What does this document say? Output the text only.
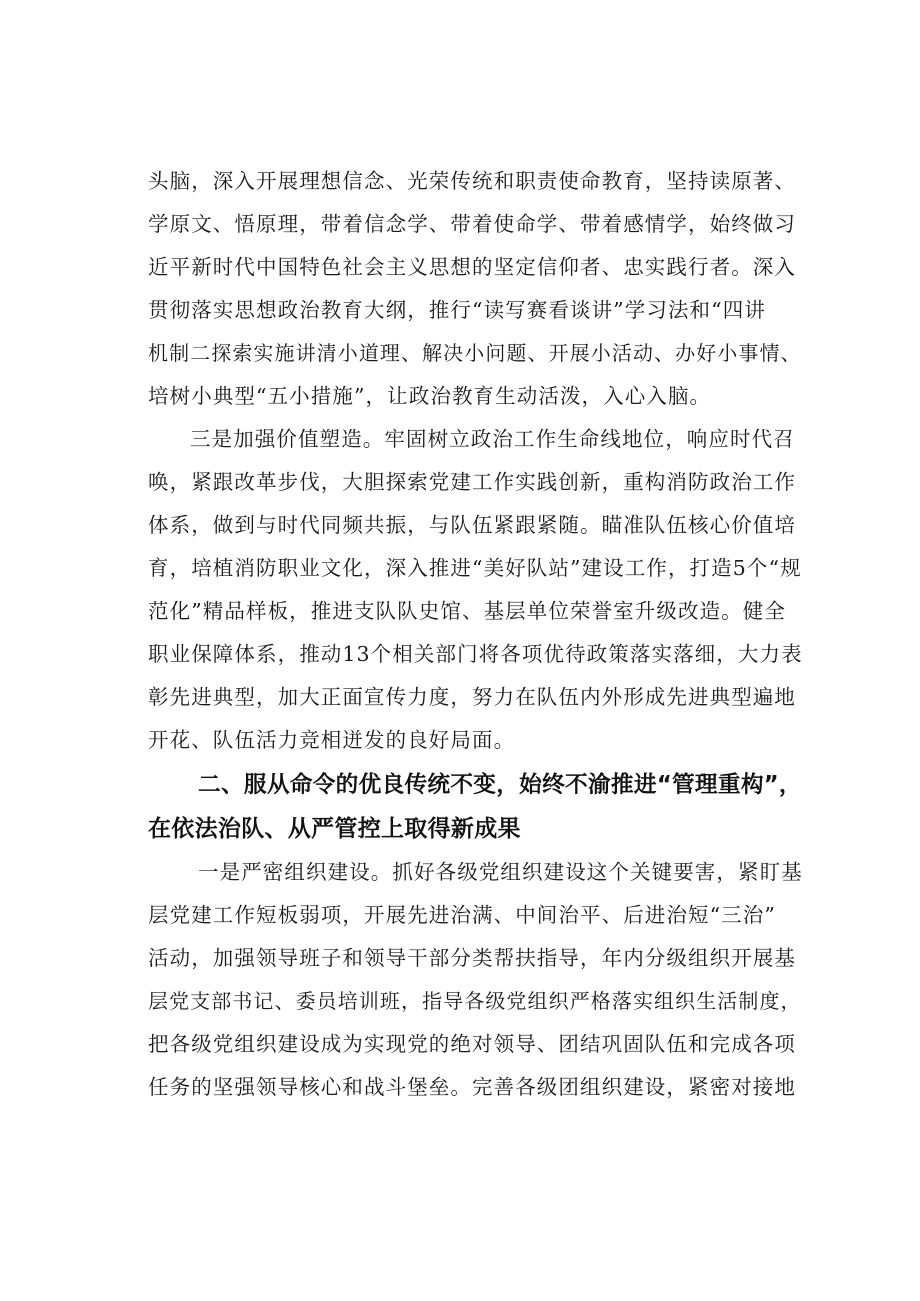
头脑，深入开展理想信念、光荣传统和职责使命教育，坚持读原著、
学原文、悟原理，带着信念学、带着使命学、带着感情学，始终做习
近平新时代中国特色社会主义思想的坚定信仰者、忠实践行者。深入
贯彻落实思想政治教育大纲，推行“读写赛看谈讲”学习法和“四讲
机制二探索实施讲清小道理、解决小问题、开展小活动、办好小事情、
培树小典型“五小措施”，让政治教育生动活泼，入心入脑。
三是加强价值塑造。牢固树立政治工作生命线地位，响应时代召
唤，紧跟改革步伐，大胆探索党建工作实践创新，重构消防政治工作
体系，做到与时代同频共振，与队伍紧跟紧随。瞄准队伍核心价值培
育，培植消防职业文化，深入推进“美好队站”建设工作，打造5个“规
范化”精品样板，推进支队队史馆、基层单位荣誉室升级改造。健全
职业保障体系，推动13个相关部门将各项优待政策落实落细，大力表
彰先进典型，加大正面宣传力度，努力在队伍内外形成先进典型遍地
开花、队伍活力竞相迸发的良好局面。
二、服从命令的优良传统不变，始终不渝推进“管理重构”，
在依法治队、从严管控上取得新成果
一是严密组织建设。抓好各级党组织建设这个关键要害，紧盯基
层党建工作短板弱项，开展先进治满、中间治平、后进治短“三治”
活动，加强领导班子和领导干部分类帮扶指导，年内分级组织开展基
层党支部书记、委员培训班，指导各级党组织严格落实组织生活制度，
把各级党组织建设成为实现党的绝对领导、团结巩固队伍和完成各项
任务的坚强领导核心和战斗堡垒。完善各级团组织建设，紧密对接地
